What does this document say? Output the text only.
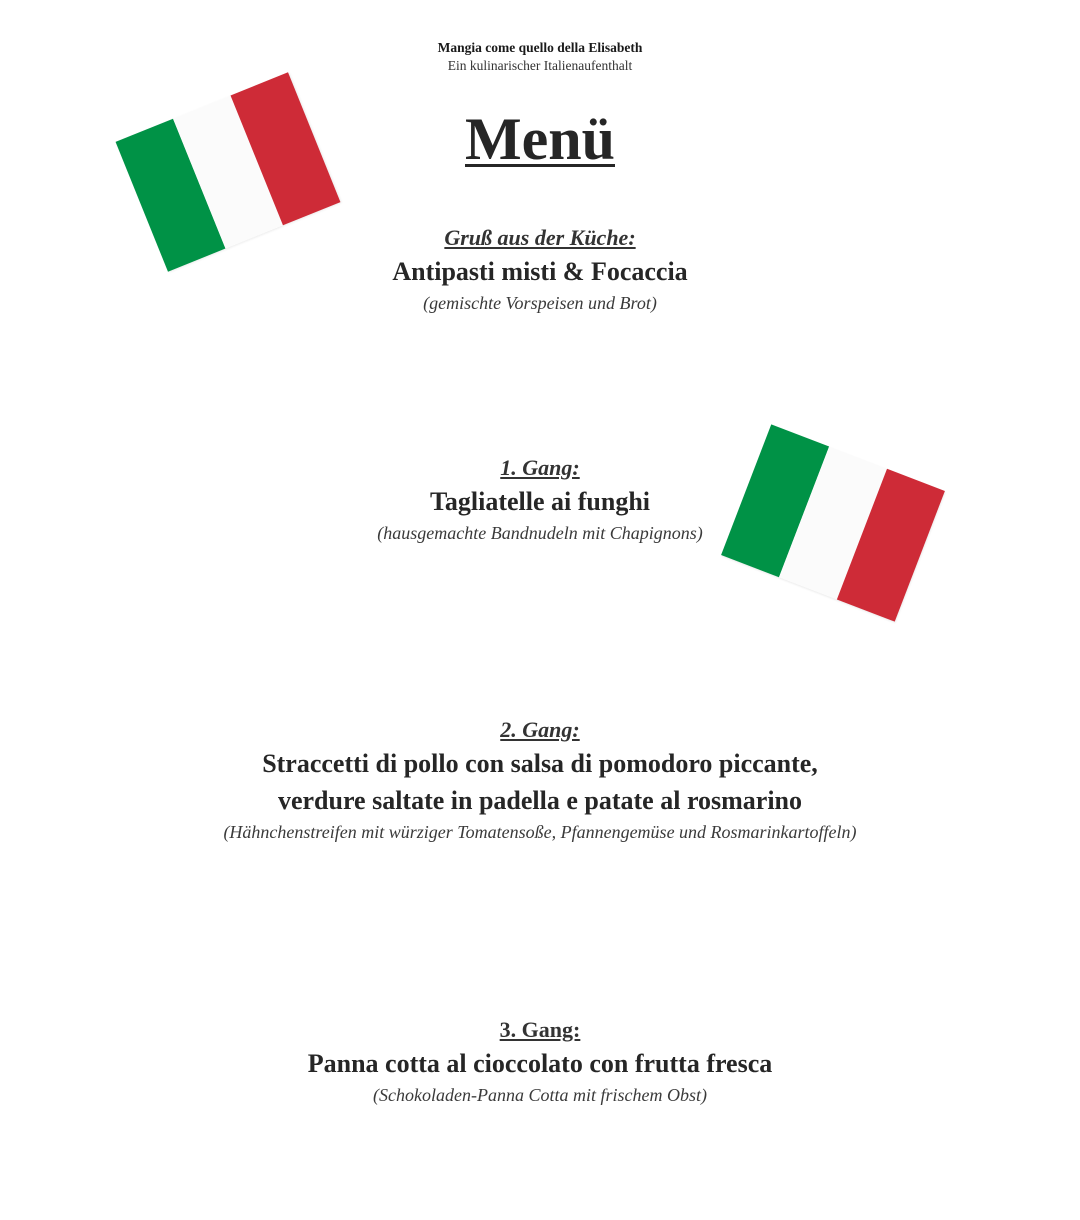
Mangia come quello della Elisabeth
Ein kulinarischer Italienaufenthalt
Menü
Gruß aus der Küche:
Antipasti misti & Focaccia
(gemischte Vorspeisen und Brot)
1. Gang:
Tagliatelle ai funghi
(hausgemachte Bandnudeln mit Chapignons)
2. Gang:
Straccetti di pollo con salsa di pomodoro piccante,
verdure saltate in padella e patate al rosmarino
(Hähnchenstreifen mit würziger Tomatensoße, Pfannengemüse und Rosmarinkartoffeln)
3. Gang:
Panna cotta al cioccolato con frutta fresca
(Schokoladen-Panna Cotta mit frischem Obst)
